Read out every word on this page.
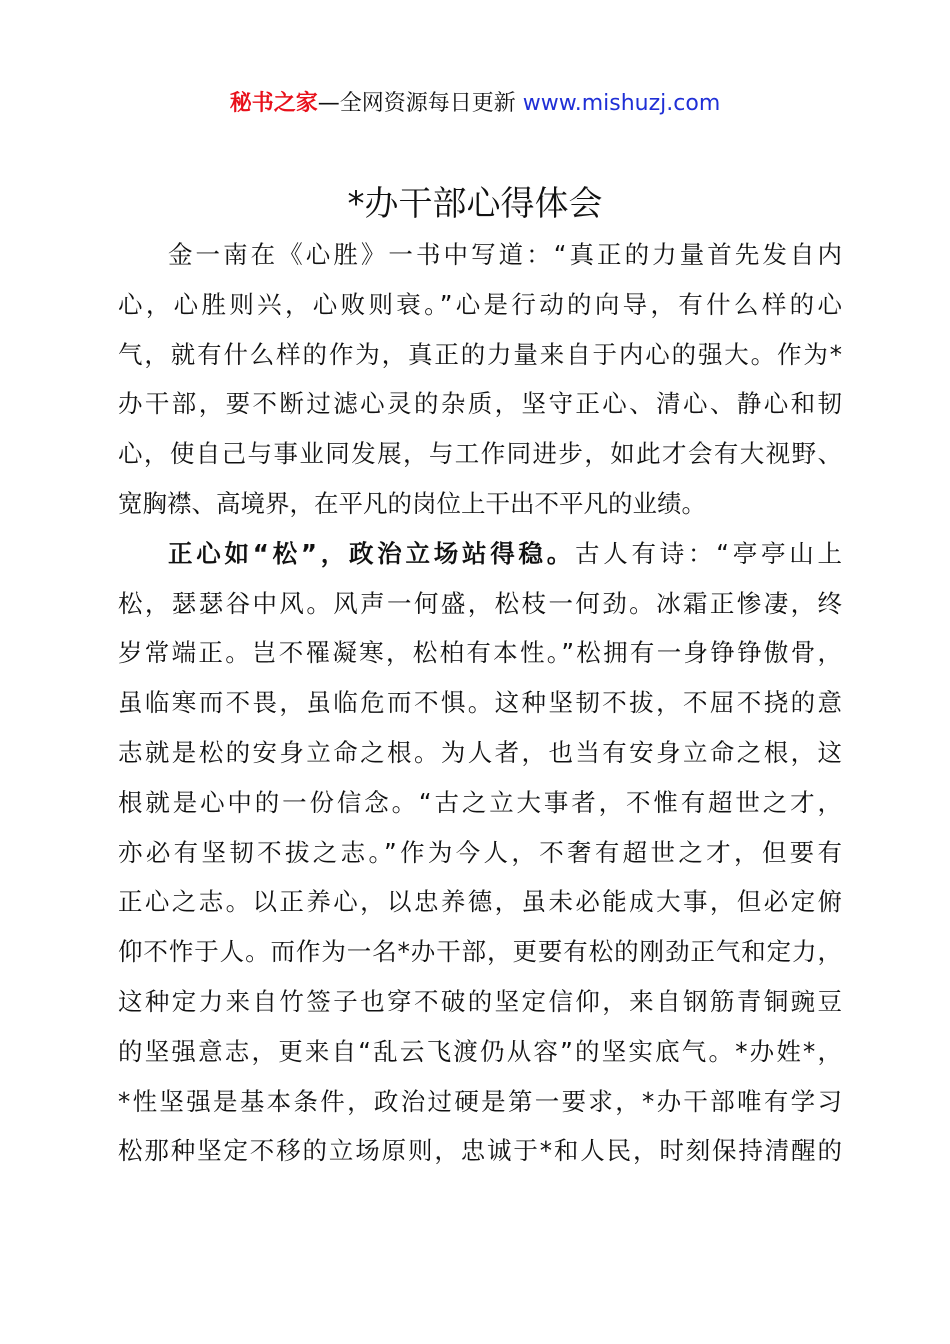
秘书之家—全网资源每日更新 www.mishuzj.com
*办干部心得体会
金一南在《心胜》一书中写道：“真正的力量首先发自内
心，心胜则兴，心败则衰。”心是行动的向导，有什么样的心
气，就有什么样的作为，真正的力量来自于内心的强大。作为*
办干部，要不断过滤心灵的杂质，坚守正心、清心、静心和韧
心，使自己与事业同发展，与工作同进步，如此才会有大视野、
宽胸襟、高境界，在平凡的岗位上干出不平凡的业绩。
正心如“松”，政治立场站得稳。古人有诗：“亭亭山上
松，瑟瑟谷中风。风声一何盛，松枝一何劲。冰霜正惨凄，终
岁常端正。岂不罹凝寒，松柏有本性。”松拥有一身铮铮傲骨，
虽临寒而不畏，虽临危而不惧。这种坚韧不拔，不屈不挠的意
志就是松的安身立命之根。为人者，也当有安身立命之根，这
根就是心中的一份信念。“古之立大事者，不惟有超世之才，
亦必有坚韧不拔之志。”作为今人，不奢有超世之才，但要有
正心之志。以正养心，以忠养德，虽未必能成大事，但必定俯
仰不怍于人。而作为一名*办干部，更要有松的刚劲正气和定力，
这种定力来自竹签子也穿不破的坚定信仰，来自钢筋青铜豌豆
的坚强意志，更来自“乱云飞渡仍从容”的坚实底气。*办姓*，
*性坚强是基本条件，政治过硬是第一要求，*办干部唯有学习
松那种坚定不移的立场原则，忠诚于*和人民，时刻保持清醒的
